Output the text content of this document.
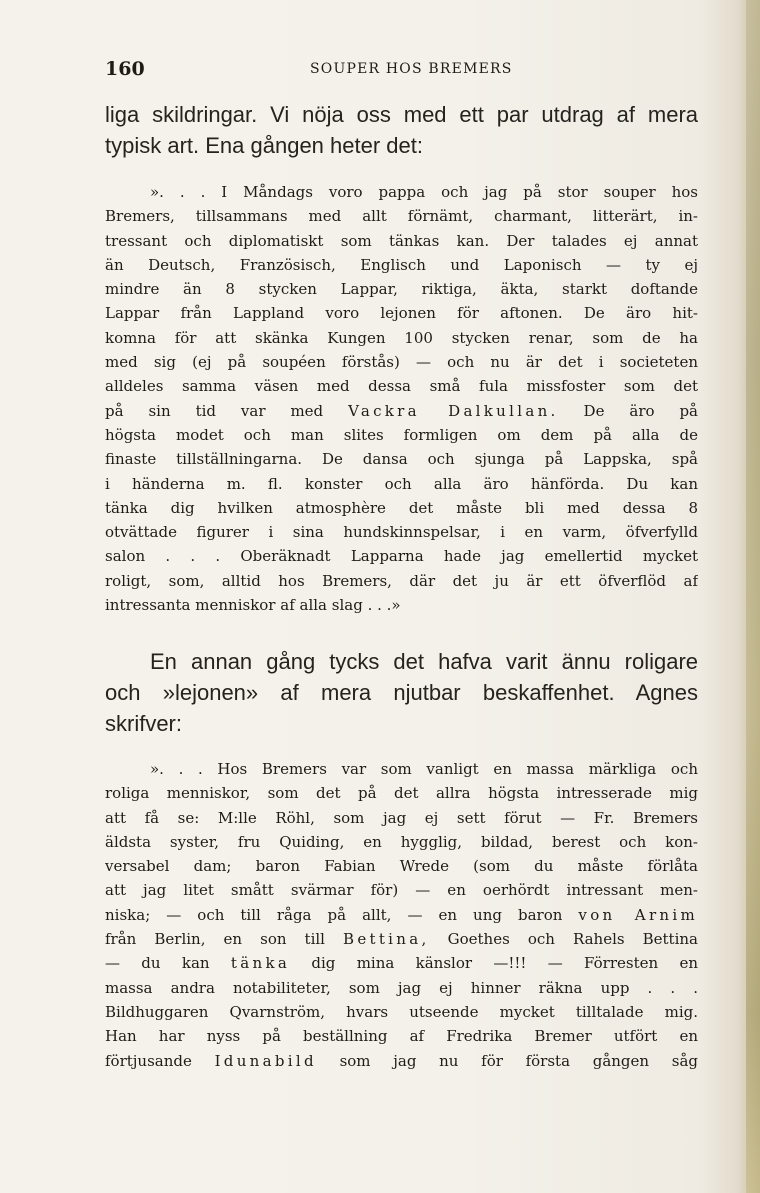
160	SOUPER HOS BREMERS
liga skildringar. Vi nöja oss med ett par utdrag af mera
typisk art. Ena gången heter det:
». . . I Måndags voro pappa och jag på stor souper hos
Bremers, tillsammans med allt förnämt, charmant, litterärt, in-
tressant och diplomatiskt som tänkas kan. Der talades ej annat
än Deutsch, Französisch, Englisch und Laponisch — ty ej
mindre än 8 stycken Lappar, riktiga, äkta, starkt doftande
Lappar från Lappland voro lejonen för aftonen. De äro hit-
komna för att skänka Kungen 100 stycken renar, som de ha
med sig (ej på soupéen förstås) — och nu är det i societeten
alldeles samma väsen med dessa små fula missfoster som det
på sin tid var med Vackra Dalkullan. De äro på
högsta modet och man slites formligen om dem på alla de
finaste tillställningarna. De dansa och sjunga på Lappska, spå
i händerna m. fl. konster och alla äro hänförda. Du kan
tänka dig hvilken atmosphère det måste bli med dessa 8
otvättade figurer i sina hundskinnspelsar, i en varm, öfverfylld
salon . . . Oberäknadt Lapparna hade jag emellertid mycket
roligt, som, alltid hos Bremers, där det ju är ett öfverflöd af
intressanta menniskor af alla slag . . .»
En annan gång tycks det hafva varit ännu roligare
och »lejonen» af mera njutbar beskaffenhet. Agnes
skrifver:
». . . Hos Bremers var som vanligt en massa märkliga och
roliga menniskor, som det på det allra högsta intresserade mig
att få se: M:lle Röhl, som jag ej sett förut — Fr. Bremers
äldsta syster, fru Quiding, en hygglig, bildad, berest och kon-
versabel dam; baron Fabian Wrede (som du måste förlåta
att jag litet smått svärmar för) — en oerhördt intressant men-
niska; — och till råga på allt, — en ung baron von Arnim
från Berlin, en son till Bettina, Goethes och Rahels Bettina
— du kan tänka dig mina känslor —!!! — Förresten en
massa andra notabiliteter, som jag ej hinner räkna upp . . .
Bildhuggaren Qvarnström, hvars utseende mycket tilltalade mig.
Han har nyss på beställning af Fredrika Bremer utfört en
förtjusande Idunabild som jag nu för första gången såg
